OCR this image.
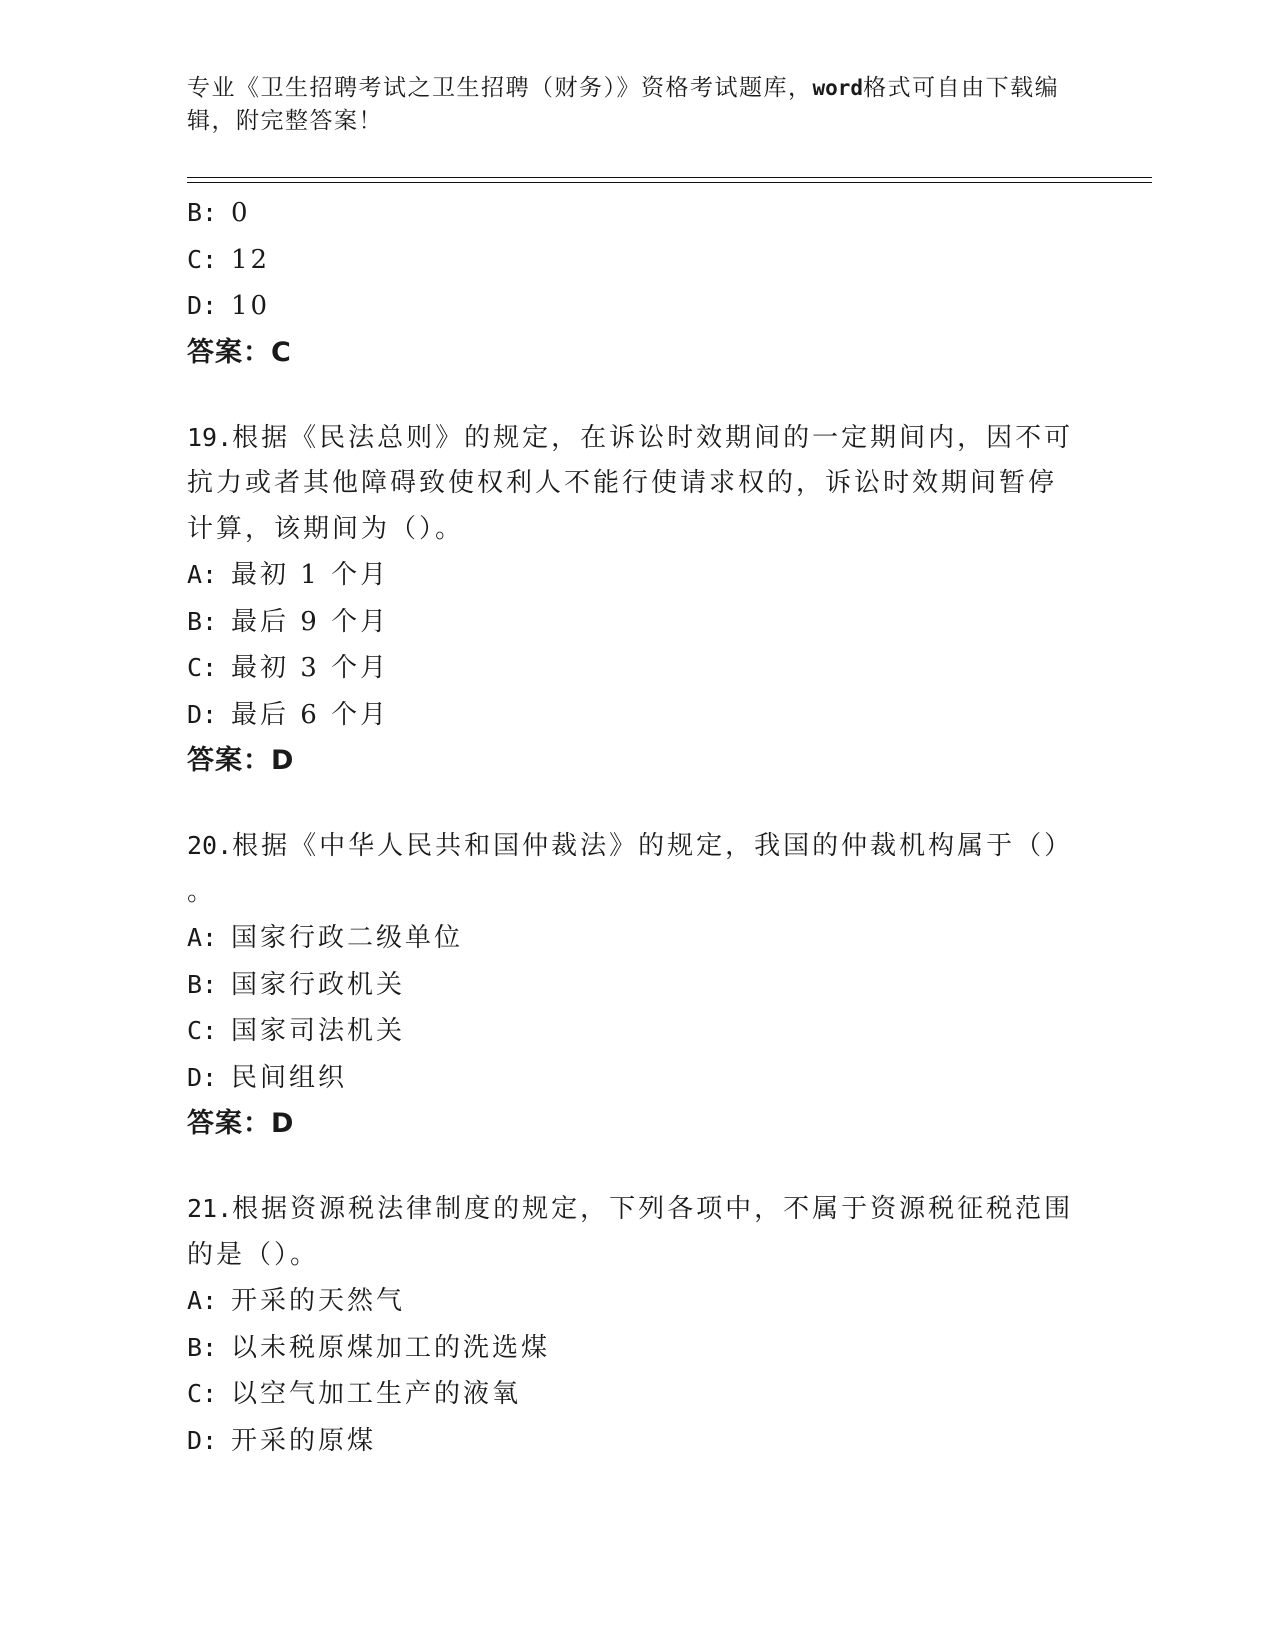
专业《卫生招聘考试之卫生招聘（财务）》资格考试题库，word格式可自由下载编辑，附完整答案！
B: 0
C: 12
D: 10
答案：C
19.根据《民法总则》的规定，在诉讼时效期间的一定期间内，因不可
抗力或者其他障碍致使权利人不能行使请求权的，诉讼时效期间暂停
计算，该期间为（）。
A: 最初 1 个月
B: 最后 9 个月
C: 最初 3 个月
D: 最后 6 个月
答案：D
20.根据《中华人民共和国仲裁法》的规定，我国的仲裁机构属于（）
。
A: 国家行政二级单位
B: 国家行政机关
C: 国家司法机关
D: 民间组织
答案：D
21.根据资源税法律制度的规定，下列各项中，不属于资源税征税范围
的是（）。
A: 开采的天然气
B: 以未税原煤加工的洗选煤
C: 以空气加工生产的液氧
D: 开采的原煤
